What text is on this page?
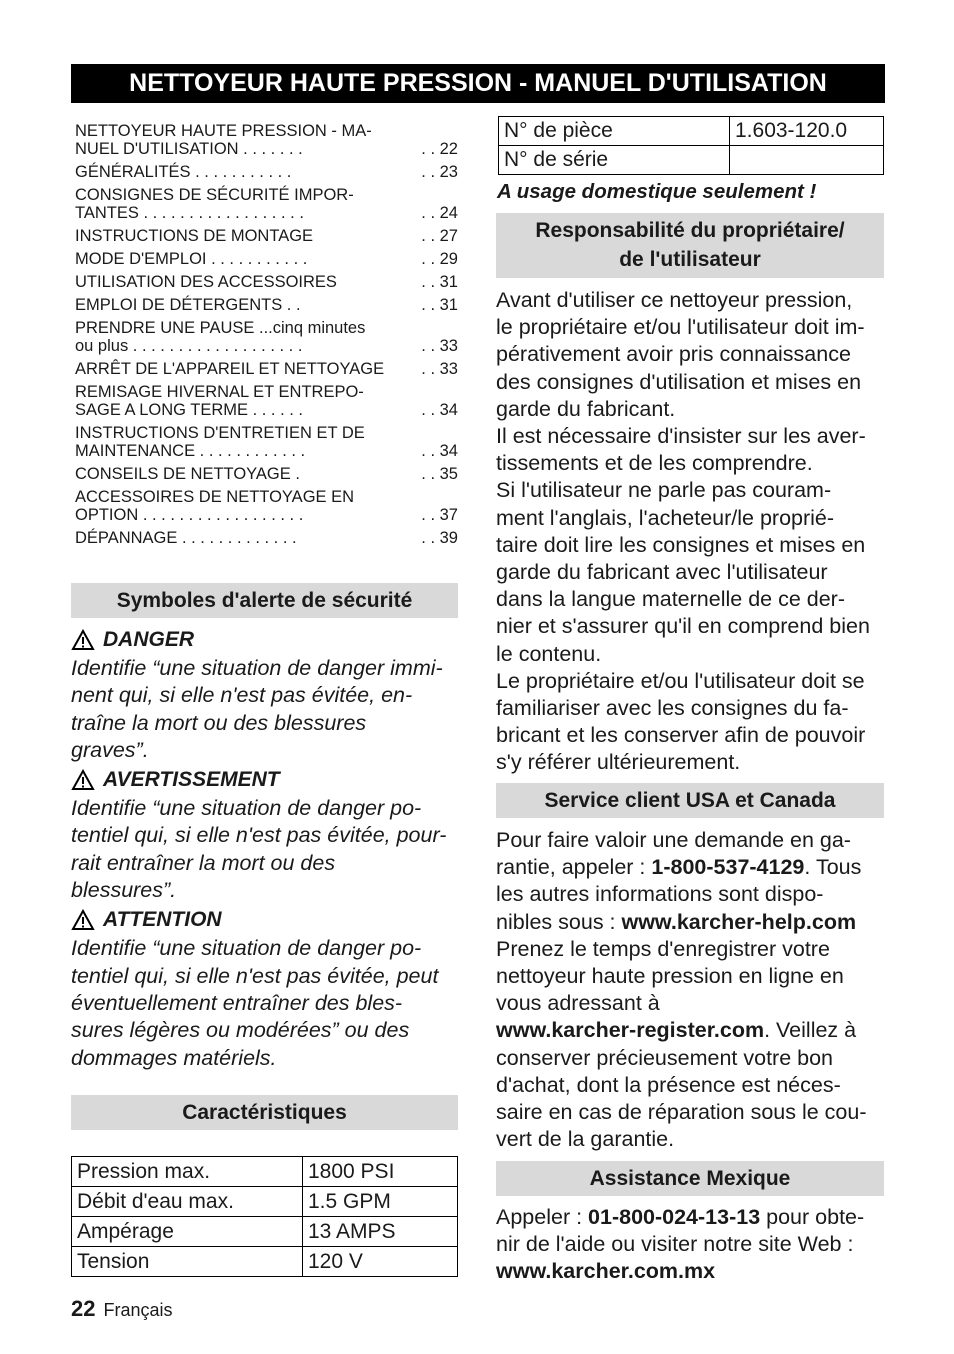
NETTOYEUR HAUTE PRESSION - MANUEL D'UTILISATION
NETTOYEUR HAUTE PRESSION - MA-
NUEL D'UTILISATION . . . . . . .	. . 22
GÉNÉRALITÉS . . . . . . . . . . .	. . 23
CONSIGNES DE SÉCURITÉ IMPOR-
TANTES . . . . . . . . . . . . . . . . . .	. . 24
INSTRUCTIONS DE MONTAGE	. . 27
MODE D'EMPLOI . . . . . . . . . . .	. . 29
UTILISATION DES ACCESSOIRES	. . 31
EMPLOI DE DÉTERGENTS . .	. . 31
PRENDRE UNE PAUSE ...cinq minutes
ou plus . . . . . . . . . . . . . . . . . . .	. . 33
ARRÊT DE L'APPAREIL ET NETTOYAGE	. . 33
REMISAGE HIVERNAL ET ENTREPO-
SAGE A LONG TERME . . . . . .	. . 34
INSTRUCTIONS D'ENTRETIEN ET DE
MAINTENANCE . . . . . . . . . . . .	. . 34
CONSEILS DE NETTOYAGE .	. . 35
ACCESSOIRES DE NETTOYAGE EN
OPTION . . . . . . . . . . . . . . . . . .	. . 37
DÉPANNAGE . . . . . . . . . . . . .	. . 39
Symboles d'alerte de sécurité
DANGER
Identifie “une situation de danger immi-
nent qui, si elle n'est pas évitée, en-
traîne la mort ou des blessures
graves”.
AVERTISSEMENT
Identifie “une situation de danger po-
tentiel qui, si elle n'est pas évitée, pour-
rait entraîner la mort ou des
blessures”.
ATTENTION
Identifie “une situation de danger po-
tentiel qui, si elle n'est pas évitée, peut
éventuellement entraîner des bles-
sures légères ou modérées” ou des
dommages matériels.
Caractéristiques
Pression max.	1800 PSI
Débit d'eau max.	1.5 GPM
Ampérage	13 AMPS
Tension	120 V
N° de pièce	1.603-120.0
N° de série	
A usage domestique seulement !
Responsabilité du propriétaire/
de l'utilisateur

Avant d'utiliser ce nettoyeur pression,
le propriétaire et/ou l'utilisateur doit im-
pérativement avoir pris connaissance
des consignes d'utilisation et mises en
garde du fabricant.

Il est nécessaire d'insister sur les aver-
tissements et de les comprendre.

Si l'utilisateur ne parle pas couram-
ment l'anglais, l'acheteur/le proprié-
taire doit lire les consignes et mises en
garde du fabricant avec l'utilisateur
dans la langue maternelle de ce der-
nier et s'assurer qu'il en comprend bien
le contenu.

Le propriétaire et/ou l'utilisateur doit se
familiariser avec les consignes du fa-
bricant et les conserver afin de pouvoir
s'y référer ultérieurement.

Service client USA et Canada
Pour faire valoir une demande en ga-
rantie, appeler : 1-800-537-4129. Tous
les autres informations sont dispo-
nibles sous : www.karcher-help.com
Prenez le temps d'enregistrer votre
nettoyeur haute pression en ligne en
vous adressant à
www.karcher-register.com. Veillez à
conserver précieusement votre bon
d'achat, dont la présence est néces-
saire en cas de réparation sous le cou-
vert de la garantie.
Assistance Mexique
Appeler : 01-800-024-13-13 pour obte-
nir de l'aide ou visiter notre site Web :
www.karcher.com.mx
22 Français
